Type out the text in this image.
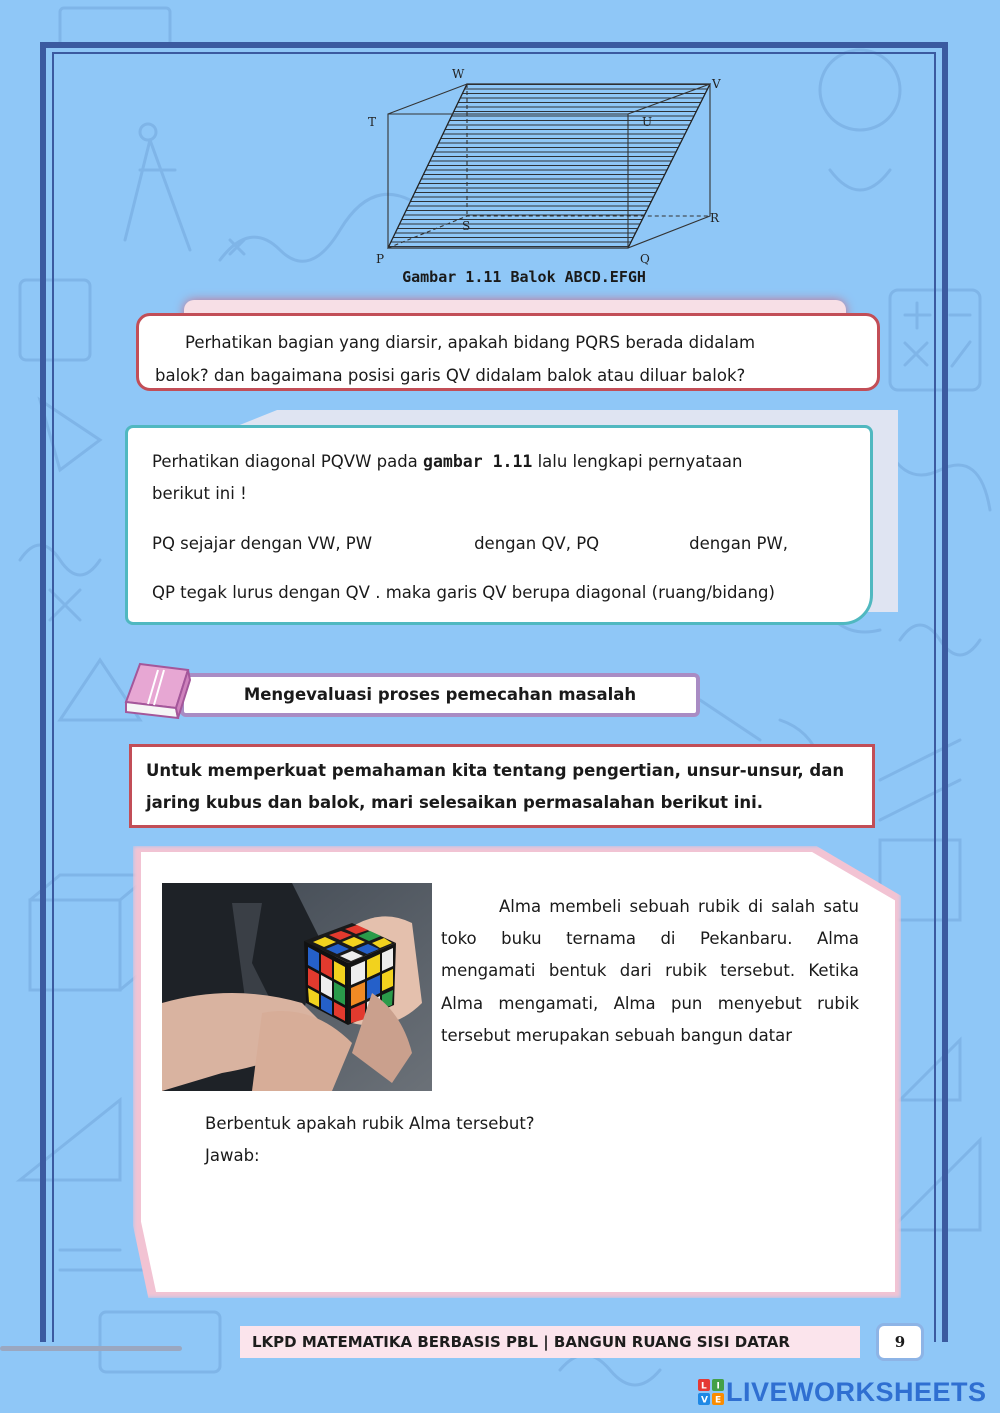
W
V
T	U
S
R
P	Q
Gambar 1.11 Balok ABCD.EFGH
Perhatikan bagian yang diarsir, apakah bidang PQRS berada didalam
balok? dan bagaimana posisi garis QV didalam balok atau diluar balok?

Perhatikan diagonal PQVW pada gambar 1.11 lalu lengkapi pernyataan
berikut ini !

PQ sejajar dengan VW, PW	dengan QV, PQ	dengan PW,

QP tegak lurus dengan QV . maka garis QV berupa diagonal (ruang/bidang)

Mengevaluasi proses pemecahan masalah
Untuk memperkuat pemahaman kita tentang pengertian, unsur-unsur, dan
jaring kubus dan balok, mari selesaikan permasalahan berikut ini.

Alma membeli sebuah rubik di salah satu toko buku ternama di Pekanbaru. Alma mengamati bentuk dari rubik tersebut. Ketika Alma mengamati, Alma pun menyebut rubik tersebut merupakan sebuah bangun datar

Berbentuk apakah rubik Alma tersebut?
Jawab:

LKPD MATEMATIKA BERBASIS PBL | BANGUN RUANG SISI DATAR	9
L I
V E LIVEWORKSHEETS
